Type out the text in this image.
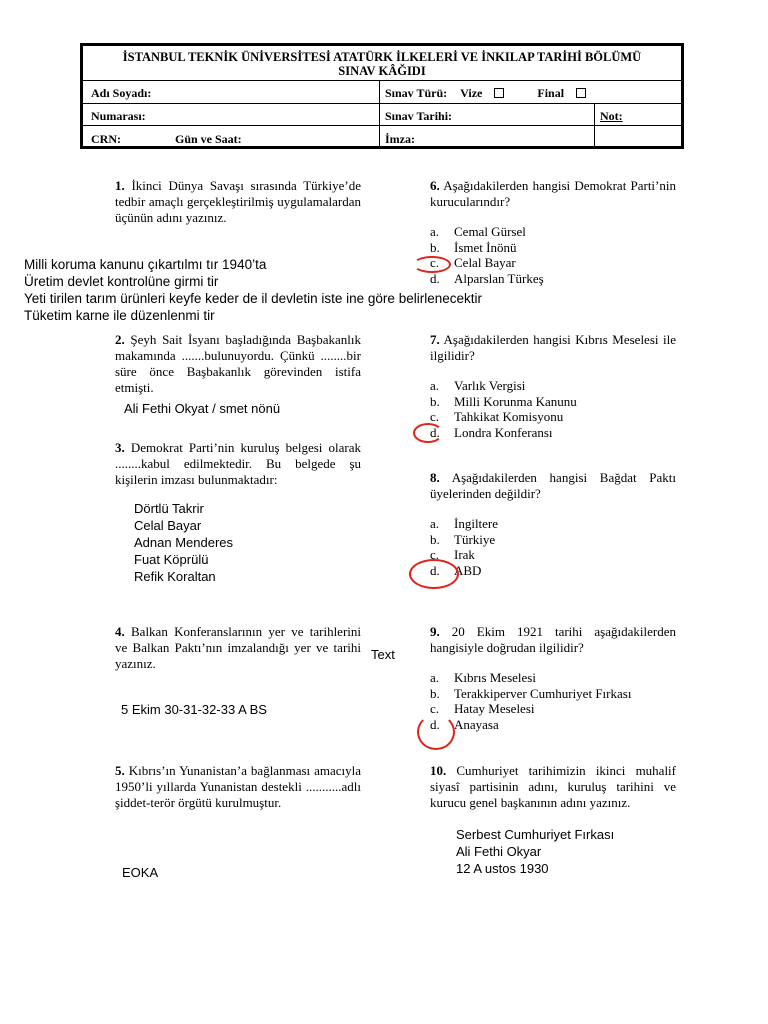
İSTANBUL TEKNİK ÜNİVERSİTESİ ATATÜRK İLKELERİ VE İNKILAP TARİHİ BÖLÜMÜ
SINAV KÂĞIDI
Adı Soyadı:	Sınav Türü: Vize	Final
Numarası:	Sınav Tarihi:	Not:
CRN:	Gün ve Saat:	İmza:
1. İkinci Dünya Savaşı sırasında Türkiye’de tedbir amaçlı gerçekleştirilmiş uygulamalardan üçünün adını yazınız.
Milli koruma kanunu çıkartılmı tır 1940’ta
Üretim devlet kontrolüne girmi tir
Yeti tirilen tarım ürünleri keyfe keder de il devletin iste ine göre belirlenecektir
Tüketim karne ile düzenlenmi tir
2. Şeyh Sait İsyanı başladığında Başbakanlık makamında .......bulunuyordu. Çünkü ........bir süre önce Başbakanlık görevinden istifa etmişti.
Ali Fethi Okyat / smet nönü
3. Demokrat Parti’nin kuruluş belgesi olarak ........kabul edilmektedir. Bu belgede şu kişilerin imzası bulunmaktadır:
Dörtlü Takrir
Celal Bayar
Adnan Menderes
Fuat Köprülü
Refik Koraltan
4. Balkan Konferanslarının yer ve tarihlerini ve Balkan Paktı’nın imzalandığı yer ve tarihi yazınız.
Text
5 Ekim 30-31-32-33 A BS
5. Kıbrıs’ın Yunanistan’a bağlanması amacıyla 1950’li yıllarda Yunanistan destekli ...........adlı şiddet-terör örgütü kurulmuştur.
EOKA
6. Aşağıdakilerden hangisi Demokrat Parti’nin kurucularındır?
a. Cemal Gürsel
b. İsmet İnönü
c. Celal Bayar
d. Alparslan Türkeş
7. Aşağıdakilerden hangisi Kıbrıs Meselesi ile ilgilidir?
a. Varlık Vergisi
b. Milli Korunma Kanunu
c. Tahkikat Komisyonu
d. Londra Konferansı
8. Aşağıdakilerden hangisi Bağdat Paktı üyelerinden değildir?
a. İngiltere
b. Türkiye
c. Irak
d. ABD
9. 20 Ekim 1921 tarihi aşağıdakilerden hangisiyle doğrudan ilgilidir?
a. Kıbrıs Meselesi
b. Terakkiperver Cumhuriyet Fırkası
c. Hatay Meselesi
d. Anayasa
10. Cumhuriyet tarihimizin ikinci muhalif siyasî partisinin adını, kuruluş tarihini ve kurucu genel başkanının adını yazınız.
Serbest Cumhuriyet Fırkası
Ali Fethi Okyar
12 A ustos 1930
